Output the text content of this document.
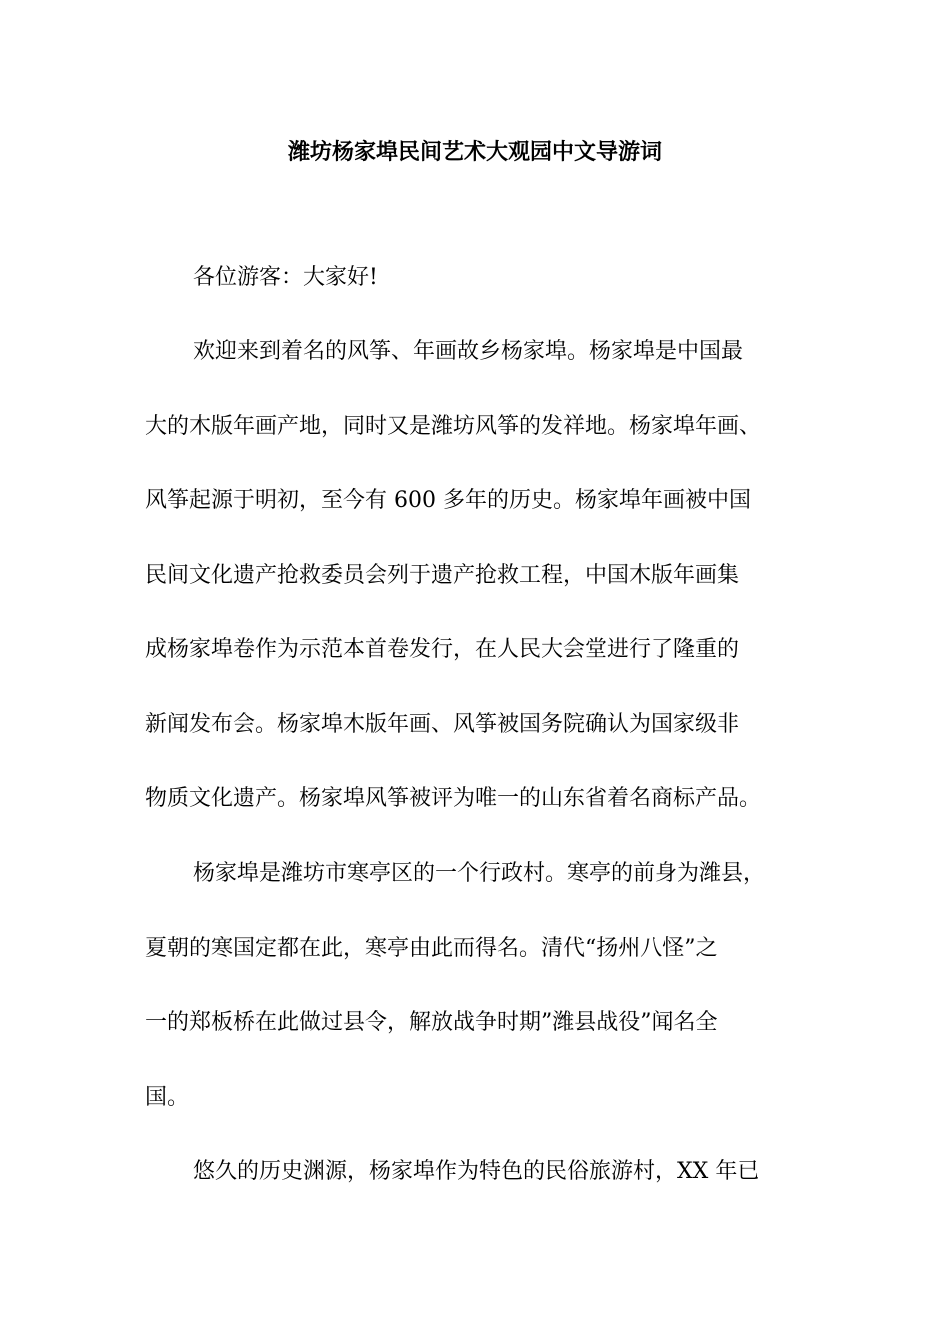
潍坊杨家埠民间艺术大观园中文导游词
各位游客：大家好!
欢迎来到着名的风筝、年画故乡杨家埠。杨家埠是中国最
大的木版年画产地，同时又是潍坊风筝的发祥地。杨家埠年画、
风筝起源于明初，至今有 600 多年的历史。杨家埠年画被中国
民间文化遗产抢救委员会列于遗产抢救工程，中国木版年画集
成杨家埠卷作为示范本首卷发行，在人民大会堂进行了隆重的
新闻发布会。杨家埠木版年画、风筝被国务院确认为国家级非
物质文化遗产。杨家埠风筝被评为唯一的山东省着名商标产品。
杨家埠是潍坊市寒亭区的一个行政村。寒亭的前身为潍县，
夏朝的寒国定都在此，寒亭由此而得名。清代“扬州八怪”之
一的郑板桥在此做过县令，解放战争时期”潍县战役”闻名全
国。
悠久的历史渊源，杨家埠作为特色的民俗旅游村，XX 年已
